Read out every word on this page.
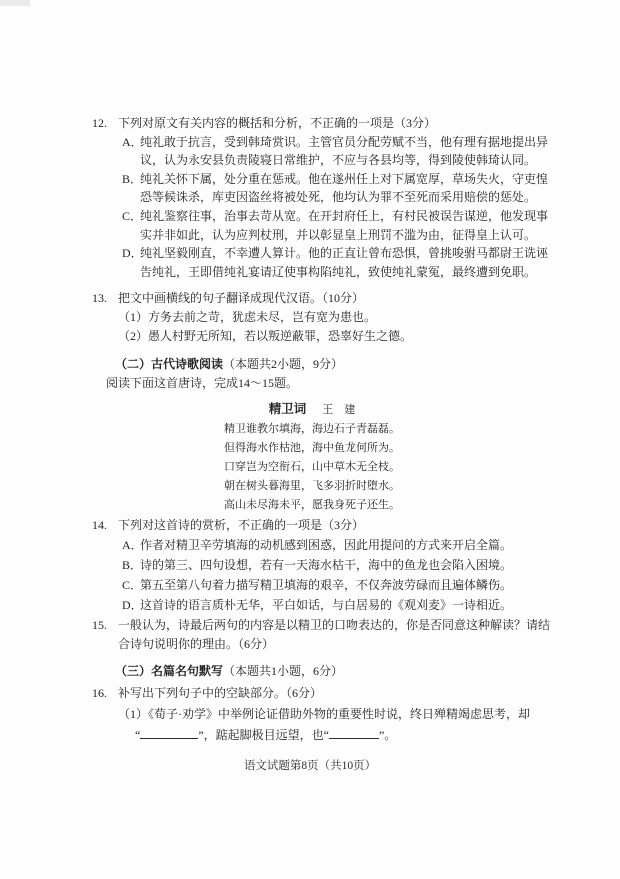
12. 下列对原文有关内容的概括和分析，不正确的一项是（3分）
A．
纯礼敢于抗言，受到韩琦赏识。主管官员分配劳赋不当，他有理有据地提出异议，认为永安县负责陵寝日常维护，不应与各县均等，得到陵使韩琦认同。
B．
纯礼关怀下属，处分重在惩戒。他在遂州任上对下属宽厚，草场失火，守吏惶恐等候诛杀，库吏因盗丝将被处死，他均认为罪不至死而采用赔偿的惩处。
C．
纯礼鉴察往事，治事去苛从宽。在开封府任上，有村民被误告谋逆，他发现事实并非如此，认为应判杖刑，并以彰显皇上刑罚不滥为由，征得皇上认可。
D．
纯礼坚毅刚直，不幸遭人算计。他的正直让曾布恐惧，曾挑唆驸马都尉王诜诬告纯礼，王即借纯礼宴请辽使事构陷纯礼，致使纯礼蒙冤，最终遭到免职。
13. 把文中画横线的句子翻译成现代汉语。（10分）
（1）方务去前之苛，犹虑未尽，岂有宽为患也。
（2）愚人村野无所知，若以叛逆蔽罪，恐辜好生之德。
（二）古代诗歌阅读（本题共2小题，9分）
阅读下面这首唐诗，完成14～15题。
精卫词 王　建
精卫谁教尔填海，海边石子青磊磊。
但得海水作枯池，海中鱼龙何所为。
口穿岂为空衔石，山中草木无全枝。
朝在树头暮海里，飞多羽折时堕水。
高山未尽海未平，愿我身死子还生。
14. 下列对这首诗的赏析，不正确的一项是（3分）
A．
作者对精卫辛劳填海的动机感到困惑，因此用提问的方式来开启全篇。
B．
诗的第三、四句设想，若有一天海水枯干，海中的鱼龙也会陷入困境。
C．
第五至第八句着力描写精卫填海的艰辛，不仅奔波劳碌而且遍体鳞伤。
D．
这首诗的语言质朴无华，平白如话，与白居易的《观刈麦》一诗相近。
15. 一般认为，诗最后两句的内容是以精卫的口吻表达的，你是否同意这种解读？请结合诗句说明你的理由。（6分）
（三）名篇名句默写（本题共1小题，6分）
16. 补写出下列句子中的空缺部分。（6分）
（1）《荀子·劝学》中举例论证借助外物的重要性时说，终日殚精竭虑思考，却
“	”，踮起脚极目远望，也“	”。
语文试题第8页（共10页）
